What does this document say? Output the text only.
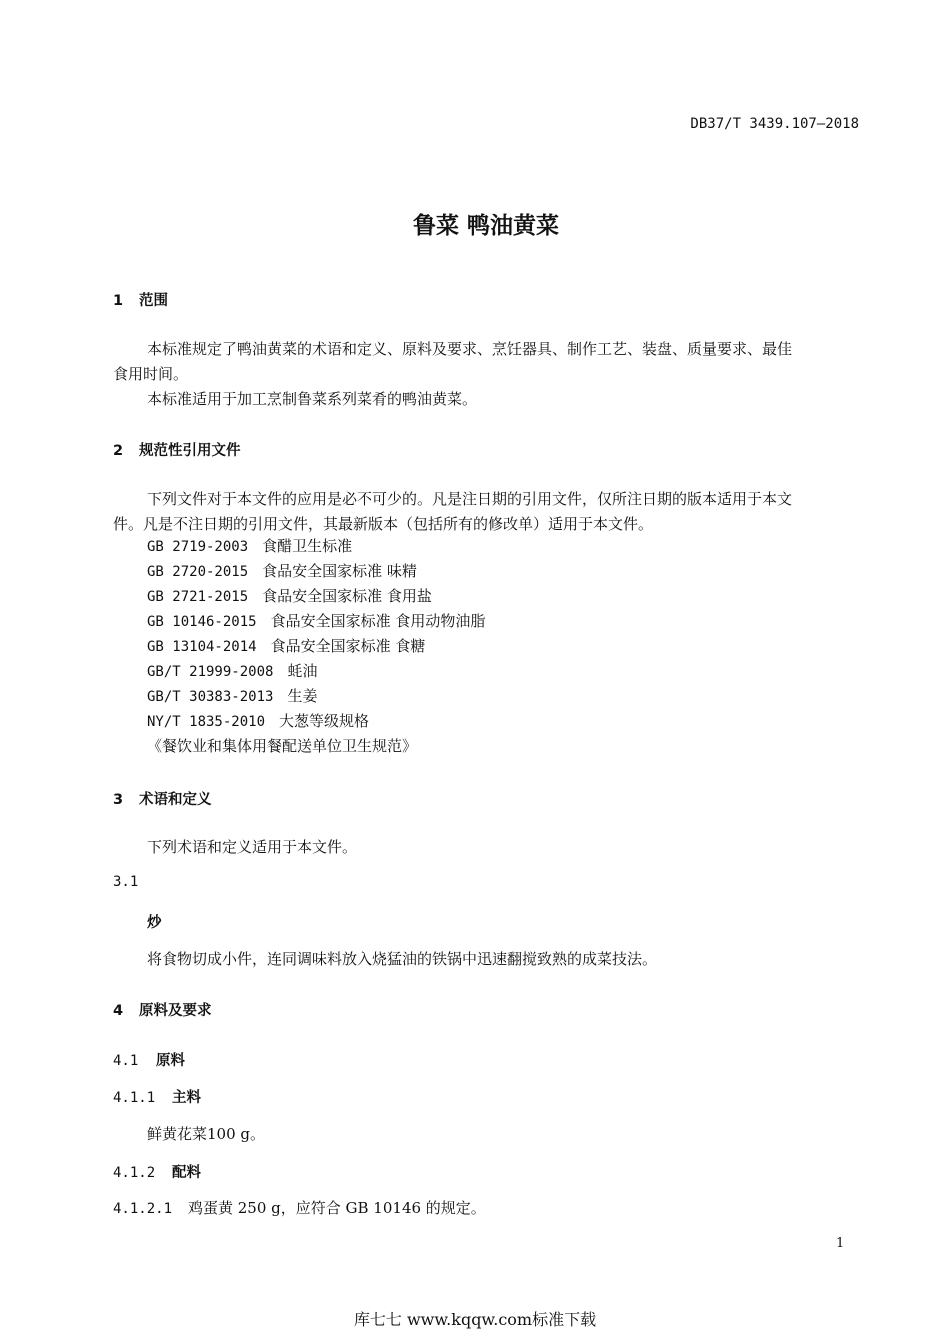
DB37/T 3439.107—2018
鲁菜 鸭油黄菜
1 范围
本标准规定了鸭油黄菜的术语和定义、原料及要求、烹饪器具、制作工艺、装盘、质量要求、最佳
食用时间。
本标准适用于加工烹制鲁菜系列菜肴的鸭油黄菜。
2 规范性引用文件
下列文件对于本文件的应用是必不可少的。凡是注日期的引用文件，仅所注日期的版本适用于本文
件。凡是不注日期的引用文件，其最新版本（包括所有的修改单）适用于本文件。
GB 2719-2003 食醋卫生标准
GB 2720-2015 食品安全国家标准 味精
GB 2721-2015 食品安全国家标准 食用盐
GB 10146-2015 食品安全国家标准 食用动物油脂
GB 13104-2014 食品安全国家标准 食糖
GB/T 21999-2008 蚝油
GB/T 30383-2013 生姜
NY/T 1835-2010 大葱等级规格
《餐饮业和集体用餐配送单位卫生规范》
3 术语和定义
下列术语和定义适用于本文件。
3.1
炒
将食物切成小件，连同调味料放入烧猛油的铁锅中迅速翻搅致熟的成菜技法。
4 原料及要求
4.1 原料
4.1.1 主料
鲜黄花菜100 g。
4.1.2 配料
4.1.2.1 鸡蛋黄 250 g，应符合 GB 10146 的规定。
1
库七七 www.kqqw.com标准下载
